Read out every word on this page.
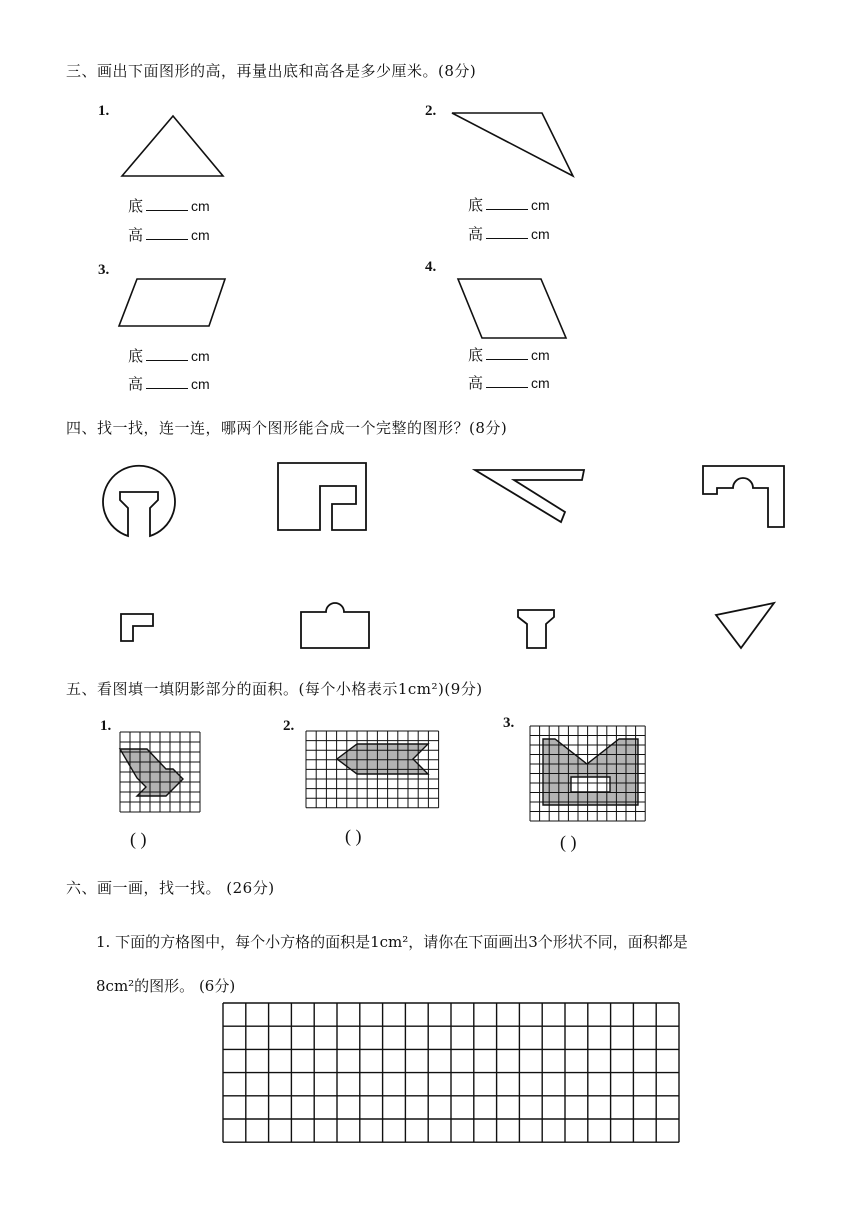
三、画出下面图形的高，再量出底和高各是多少厘米。(8分)
1.
底	cm
高	cm
2.
底	cm
高	cm
3.
底	cm
高	cm
4.
底	cm
高	cm
四、找一找，连一连，哪两个图形能合成一个完整的图形？(8分)
五、看图填一填阴影部分的面积。(每个小格表示1cm²)(9分)
1.	2.	3.
( )	( )	( )
六、画一画，找一找。 (26分)
1. 下面的方格图中，每个小方格的面积是1cm²，请你在下面画出3个形状不同，面积都是
8cm²的图形。 (6分)
